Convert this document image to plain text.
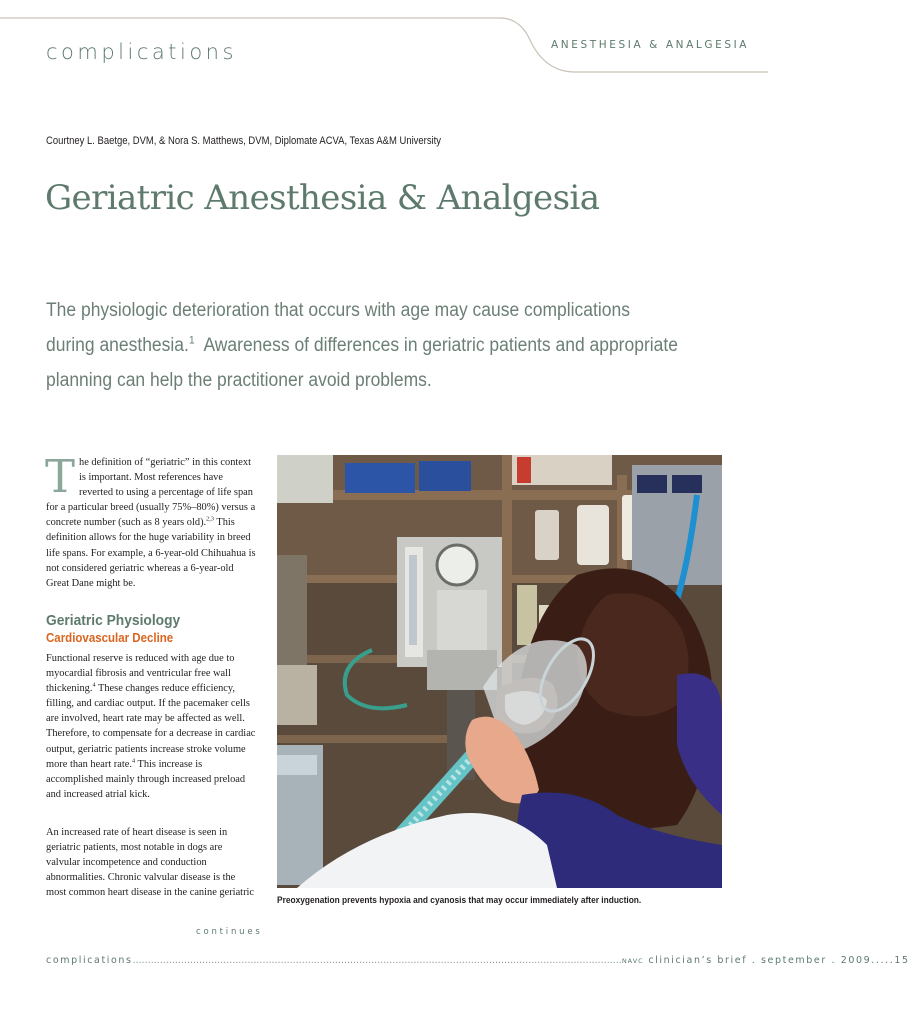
complications	ANESTHESIA & ANALGESIA
Courtney L. Baetge, DVM, & Nora S. Matthews, DVM, Diplomate ACVA, Texas A&M University
Geriatric Anesthesia & Analgesia

The physiologic deterioration that occurs with age may cause complications

during anesthesia.$^1$  Awareness of differences in geriatric patients and appropriate

planning can help the practitioner avoid problems.

The definition of “geriatric” in this context is important. Most references have reverted to using a percentage of life span for a particular breed (usually 75%–80%) versus a concrete number (such as 8 years old).$^{2,3}$ This definition allows for the huge variability in breed life spans. For example, a 6-year-old Chihuahua is not considered geriatric whereas a 6-year-old Great Dane might be.

Geriatric Physiology
Cardiovascular Decline

Functional reserve is reduced with age due to myocardial fibrosis and ventricular free wall thickening.$^4$ These changes reduce efficiency, filling, and cardiac output. If the pacemaker cells are involved, heart rate may be affected as well. Therefore, to compensate for a decrease in cardiac output, geriatric patients increase stroke volume more than heart rate.$^4$ This increase is accomplished mainly through increased preload and increased atrial kick.

An increased rate of heart disease is seen in geriatric patients, most notable in dogs are valvular incompetence and conduction abnormalities. Chronic valvular disease is the most common heart disease in the canine geriatric

continues
Preoxygenation prevents hypoxia and cyanosis that may occur immediately after induction.
complications .................................................................................................................................................................. NAVC clinician’s brief . september . 2009 ..... 15
